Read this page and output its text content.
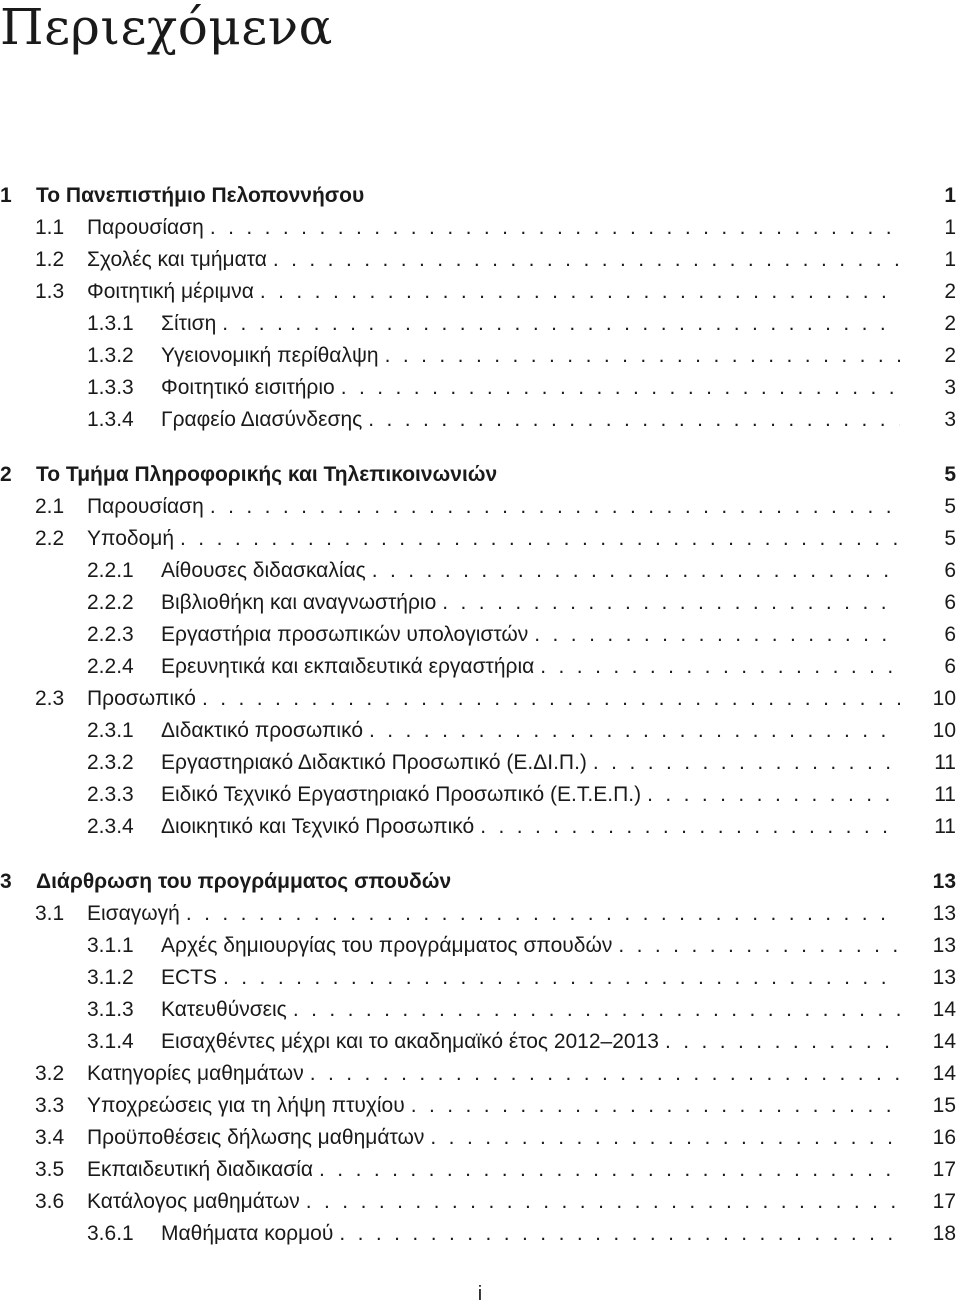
Περιεχόμενα
1 Το Πανεπιστήμιο Πελοποννήσου	1
1.1 Παρουσίαση . . .	1
1.2 Σχολές και τμήματα . . .	1
1.3 Φοιτητική μέριμνα . . .	2
1.3.1 Σίτιση . . .	2
1.3.2 Υγειονομική περίθαλψη . . .	2
1.3.3 Φοιτητικό εισιτήριο . . .	3
1.3.4 Γραφείο Διασύνδεσης . . .	3
2 Το Τμήμα Πληροφορικής και Τηλεπικοινωνιών	5
2.1 Παρουσίαση . . .	5
2.2 Υποδομή . . .	5
2.2.1 Αίθουσες διδασκαλίας . . .	6
2.2.2 Βιβλιοθήκη και αναγνωστήριο . . .	6
2.2.3 Εργαστήρια προσωπικών υπολογιστών . . .	6
2.2.4 Ερευνητικά και εκπαιδευτικά εργαστήρια . . .	6
2.3 Προσωπικό . . .	10
2.3.1 Διδακτικό προσωπικό . . .	10
2.3.2 Εργαστηριακό Διδακτικό Προσωπικό (Ε.ΔΙ.Π.) . . .	11
2.3.3 Ειδικό Τεχνικό Εργαστηριακό Προσωπικό (Ε.Τ.Ε.Π.) . . .	11
2.3.4 Διοικητικό και Τεχνικό Προσωπικό . . .	11
3 Διάρθρωση του προγράμματος σπουδών	13
3.1 Εισαγωγή . . .	13
3.1.1 Αρχές δημιουργίας του προγράμματος σπουδών . . .	13
3.1.2 ECTS . . .	13
3.1.3 Κατευθύνσεις . . .	14
3.1.4 Εισαχθέντες μέχρι και το ακαδημαϊκό έτος 2012–2013 . . .	14
3.2 Κατηγορίες μαθημάτων . . .	14
3.3 Υποχρεώσεις για τη λήψη πτυχίου . . .	15
3.4 Προϋποθέσεις δήλωσης μαθημάτων . . .	16
3.5 Εκπαιδευτική διαδικασία . . .	17
3.6 Κατάλογος μαθημάτων . . .	17
3.6.1 Μαθήματα κορμού . . .	18
i
